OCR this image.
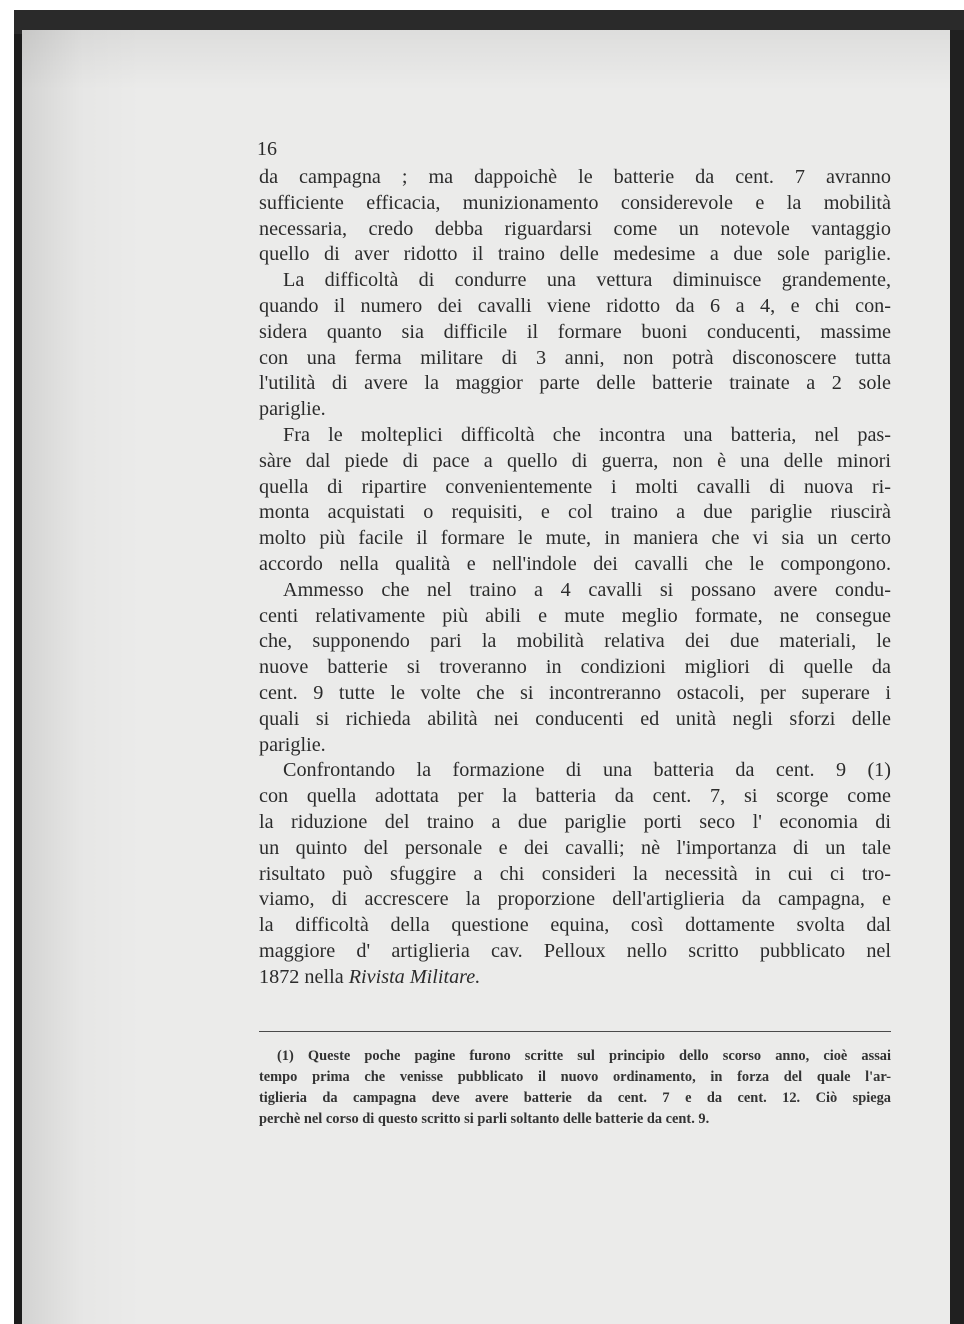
16
da campagna ; ma dappoichè le batterie da cent. 7 avranno
sufficiente efficacia, munizionamento considerevole e la mobilità
necessaria, credo debba riguardarsi come un notevole vantaggio
quello di aver ridotto il traino delle medesime a due sole pariglie.
La difficoltà di condurre una vettura diminuisce grandemente,
quando il numero dei cavalli viene ridotto da 6 a 4, e chi con-
sidera quanto sia difficile il formare buoni conducenti, massime
con una ferma militare di 3 anni, non potrà disconoscere tutta
l'utilità di avere la maggior parte delle batterie trainate a 2 sole
pariglie.
Fra le molteplici difficoltà che incontra una batteria, nel pas-
sàre dal piede di pace a quello di guerra, non è una delle minori
quella di ripartire convenientemente i molti cavalli di nuova ri-
monta acquistati o requisiti, e col traino a due pariglie riuscirà
molto più facile il formare le mute, in maniera che vi sia un certo
accordo nella qualità e nell'indole dei cavalli che le compongono.
Ammesso che nel traino a 4 cavalli si possano avere condu-
centi relativamente più abili e mute meglio formate, ne consegue
che, supponendo pari la mobilità relativa dei due materiali, le
nuove batterie si troveranno in condizioni migliori di quelle da
cent. 9 tutte le volte che si incontreranno ostacoli, per superare i
quali si richieda abilità nei conducenti ed unità negli sforzi delle
pariglie.
Confrontando la formazione di una batteria da cent. 9 (1)
con quella adottata per la batteria da cent. 7, si scorge come
la riduzione del traino a due pariglie porti seco l' economia di
un quinto del personale e dei cavalli; nè l'importanza di un tale
risultato può sfuggire a chi consideri la necessità in cui ci tro-
viamo, di accrescere la proporzione dell'artiglieria da campagna, e
la difficoltà della questione equina, così dottamente svolta dal
maggiore d' artiglieria cav. Pelloux nello scritto pubblicato nel
1872 nella Rivista Militare.
(1) Queste poche pagine furono scritte sul principio dello scorso anno, cioè assai
tempo prima che venisse pubblicato il nuovo ordinamento, in forza del quale l'ar-
tiglieria da campagna deve avere batterie da cent. 7 e da cent. 12. Ciò spiega
perchè nel corso di questo scritto si parli soltanto delle batterie da cent. 9.
